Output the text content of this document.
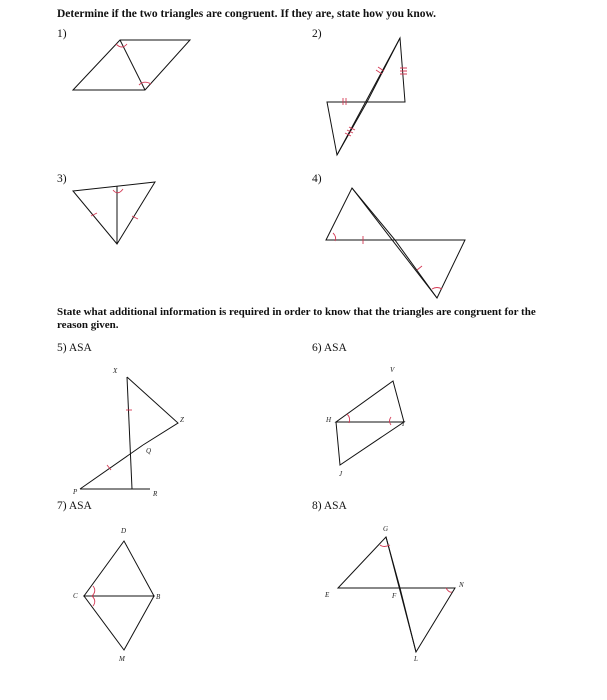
Determine if the two triangles are congruent. If they are, state how you know.
State what additional information is required in order to know that the triangles are congruent for the reason given.
1)	2)
3)	4)
5) ASA	6) ASA
7) ASA	8) ASA
X
Z
Q
P	R
V
H	I
J
D
C	B
M
G
E	F
N
L
